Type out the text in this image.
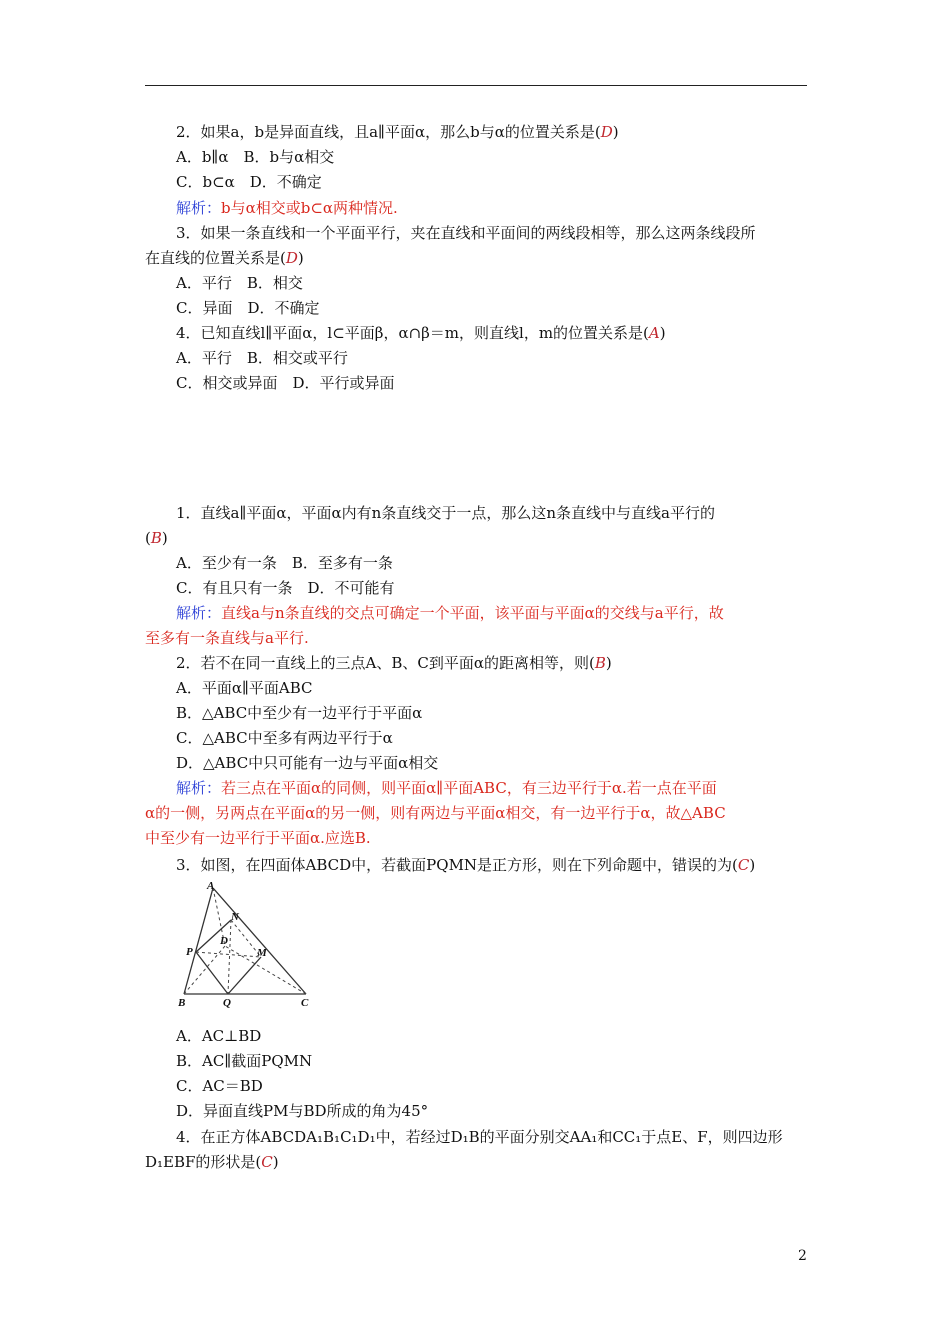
2．如果a，b是异面直线，且a∥平面α，那么b与α的位置关系是(D)
A．b∥α　B．b与α相交
C．b⊂α　D．不确定
解析：b与α相交或b⊂α两种情况.
3．如果一条直线和一个平面平行，夹在直线和平面间的两线段相等，那么这两条线段所
在直线的位置关系是(D)
A．平行　B．相交
C．异面　D．不确定
4．已知直线l∥平面α，l⊂平面β，α∩β＝m，则直线l，m的位置关系是(A)
A．平行　B．相交或平行
C．相交或异面　D．平行或异面
1．直线a∥平面α，平面α内有n条直线交于一点，那么这n条直线中与直线a平行的
(B)
A．至少有一条　B．至多有一条
C．有且只有一条　D．不可能有
解析：直线a与n条直线的交点可确定一个平面，该平面与平面α的交线与a平行，故
至多有一条直线与a平行.
2．若不在同一直线上的三点A、B、C到平面α的距离相等，则(B)
A．平面α∥平面ABC
B．△ABC中至少有一边平行于平面α
C．△ABC中至多有两边平行于α
D．△ABC中只可能有一边与平面α相交
解析：若三点在平面α的同侧，则平面α∥平面ABC，有三边平行于α.若一点在平面
α的一侧，另两点在平面α的另一侧，则有两边与平面α相交，有一边平行于α，故△ABC
中至少有一边平行于平面α.应选B.
3．如图，在四面体ABCD中，若截面PQMN是正方形，则在下列命题中，错误的为(C)
A．AC⊥BD
B．AC∥截面PQMN
C．AC＝BD
D．异面直线PM与BD所成的角为45°
4．在正方体ABCDA₁B₁C₁D₁中，若经过D₁B的平面分别交AA₁和CC₁于点E、F，则四边形
D₁EBF的形状是(C)
A
N
D
P	M
B	Q	C
2
